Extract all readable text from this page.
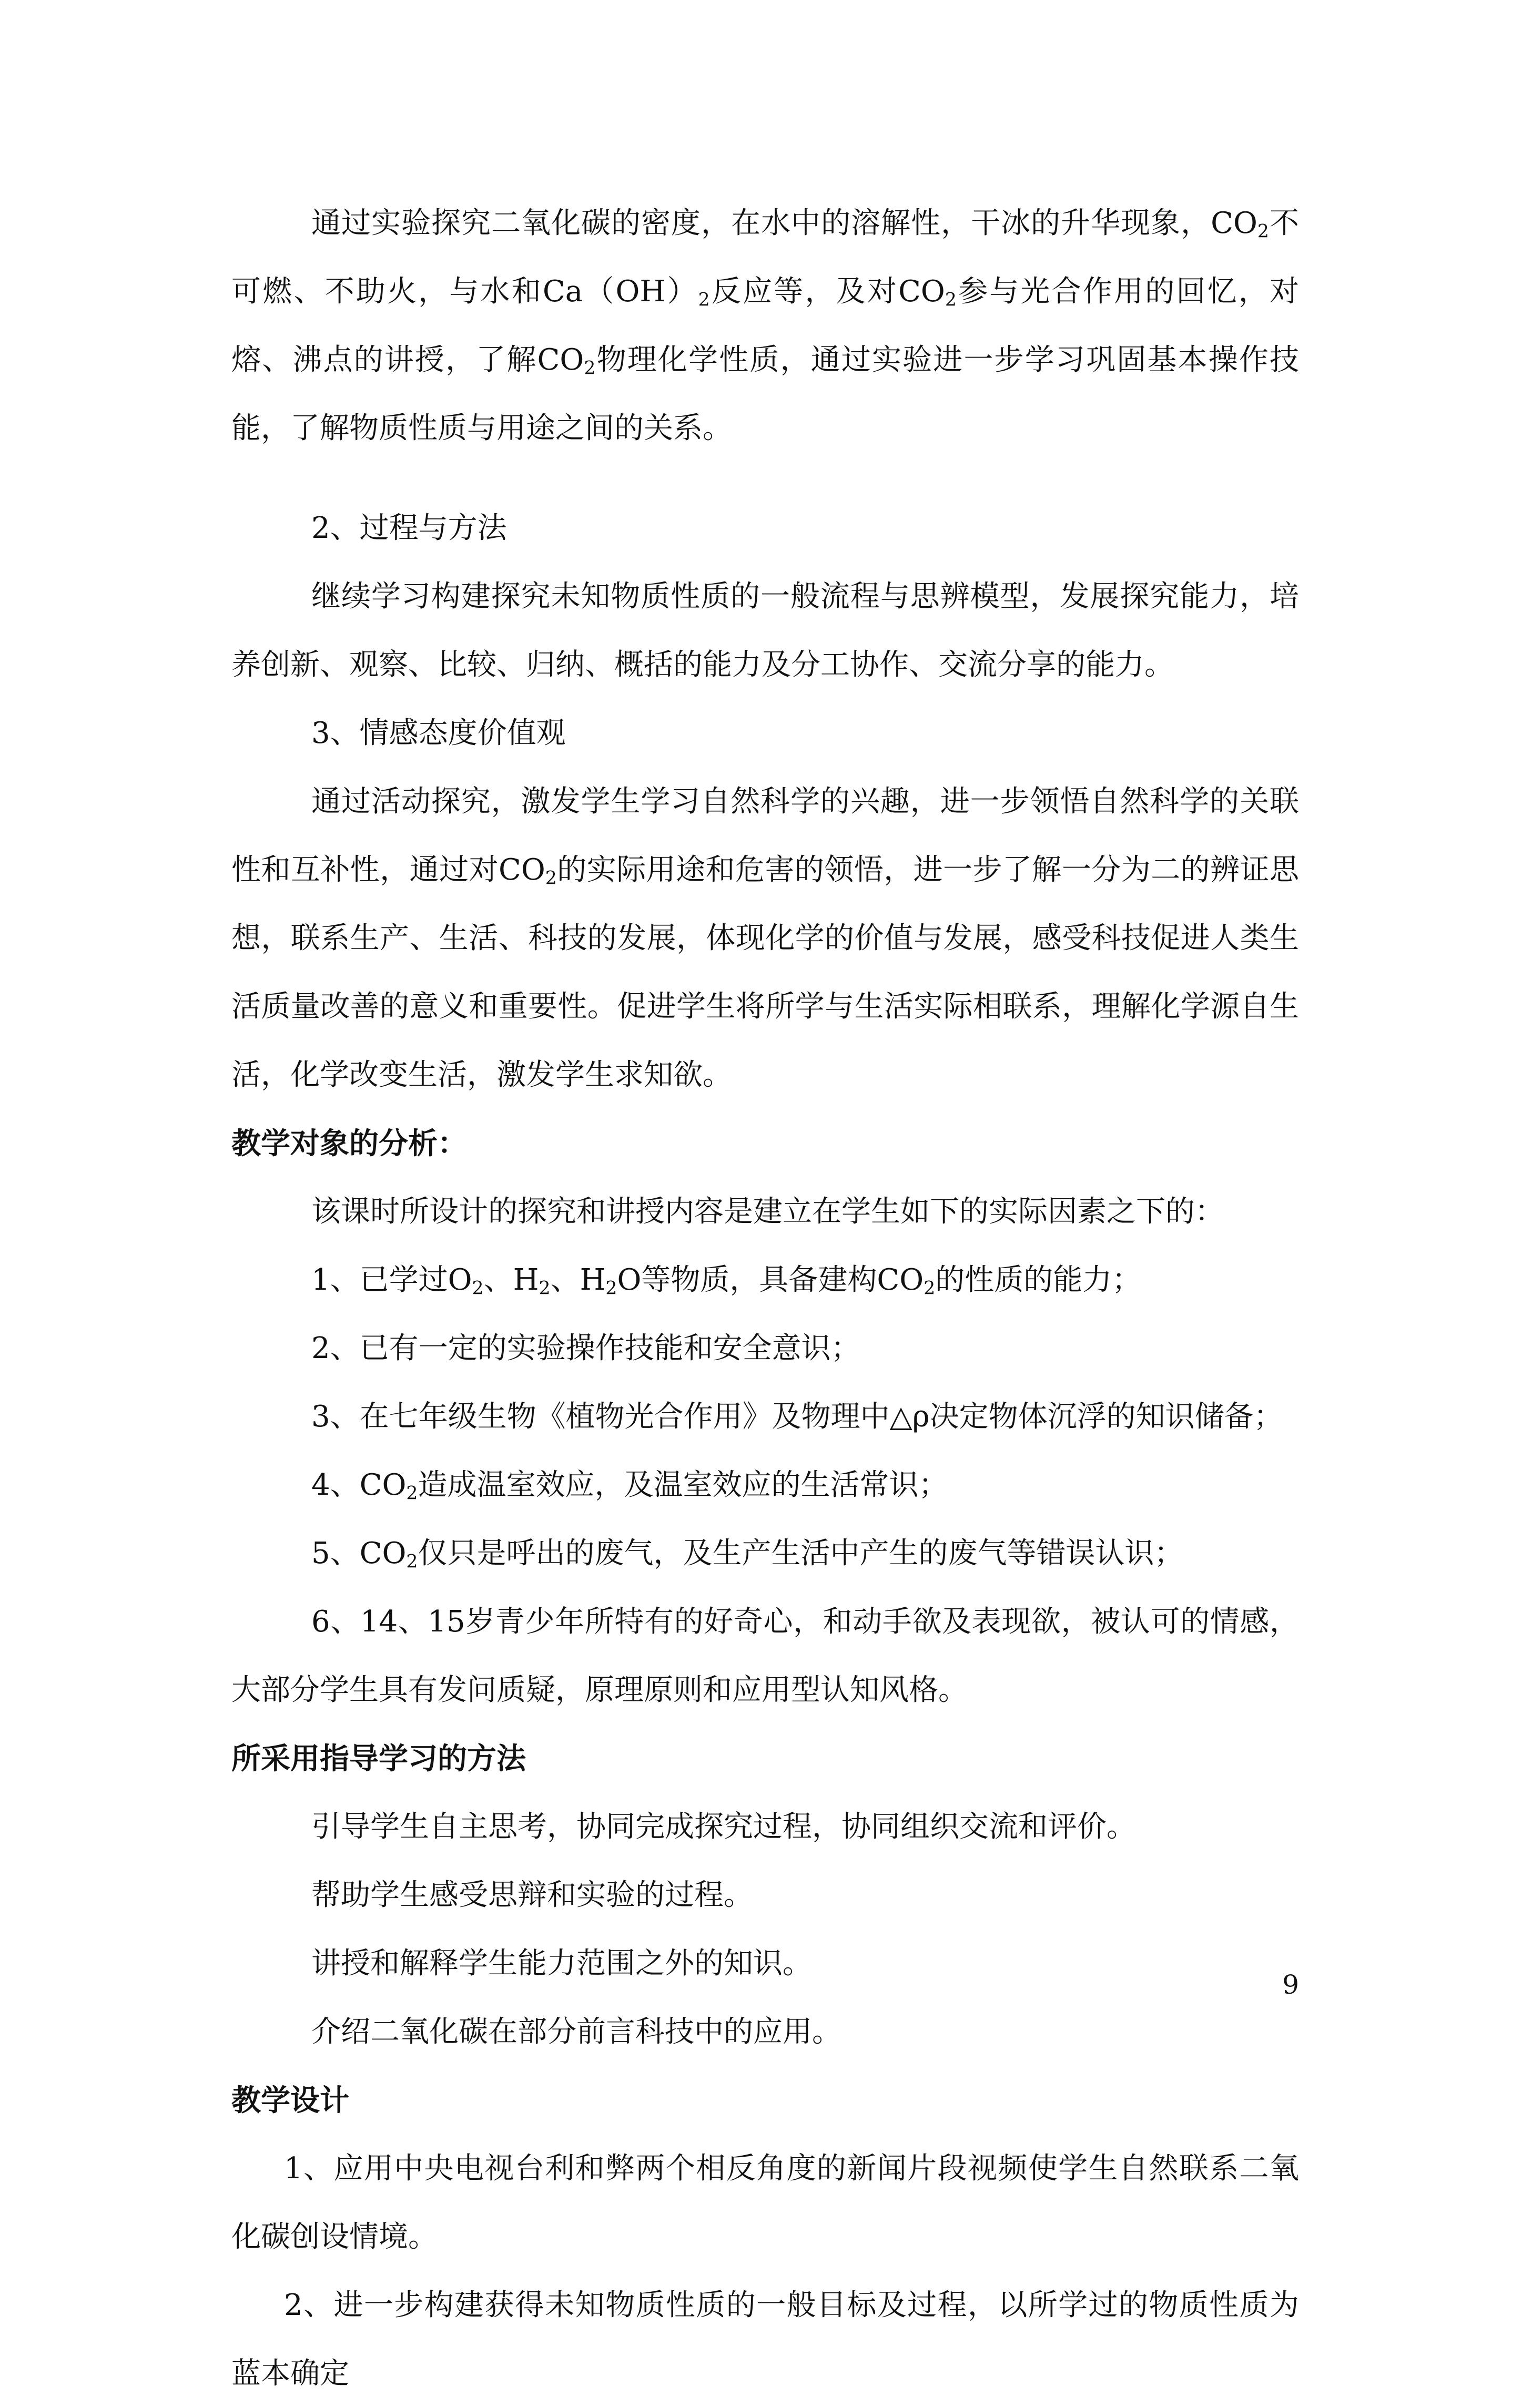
通过实验探究二氧化碳的密度，在水中的溶解性，干冰的升华现象，$CO_2$不可燃、不助火，与水和$Ca(OH)_2$反应等，及对$CO_2$参与光合作用的回忆，对熔、沸点的讲授，了解$CO_2$物理化学性质，通过实验进一步学习巩固基本操作技能，了解物质性质与用途之间的关系。

2、过程与方法

继续学习构建探究未知物质性质的一般流程与思辨模型，发展探究能力，培养创新、观察、比较、归纳、概括的能力及分工协作、交流分享的能力。

3、情感态度价值观

通过活动探究，激发学生学习自然科学的兴趣，进一步领悟自然科学的关联性和互补性，通过对$CO_2$的实际用途和危害的领悟，进一步了解一分为二的辨证思想，联系生产、生活、科技的发展，体现化学的价值与发展，感受科技促进人类生活质量改善的意义和重要性。促进学生将所学与生活实际相联系，理解化学源自生活，化学改变生活，激发学生求知欲。

教学对象的分析：

该课时所设计的探究和讲授内容是建立在学生如下的实际因素之下的：

1、已学过$O_2$、$H_2$、$H_2O$等物质，具备建构$CO_2$的性质的能力；

2、已有一定的实验操作技能和安全意识；

3、在七年级生物《植物光合作用》及物理中△ρ决定物体沉浮的知识储备；

4、$CO_2$造成温室效应，及温室效应的生活常识；

5、$CO_2$仅只是呼出的废气，及生产生活中产生的废气等错误认识；

6、14、15岁青少年所特有的好奇心，和动手欲及表现欲，被认可的情感，大部分学生具有发问质疑，原理原则和应用型认知风格。

所采用指导学习的方法

引导学生自主思考，协同完成探究过程，协同组织交流和评价。

帮助学生感受思辩和实验的过程。

讲授和解释学生能力范围之外的知识。

介绍二氧化碳在部分前言科技中的应用。

教学设计

1、应用中央电视台利和弊两个相反角度的新闻片段视频使学生自然联系二氧化碳创设情境。

2、进一步构建获得未知物质性质的一般目标及过程，以所学过的物质性质为蓝本确定

9
